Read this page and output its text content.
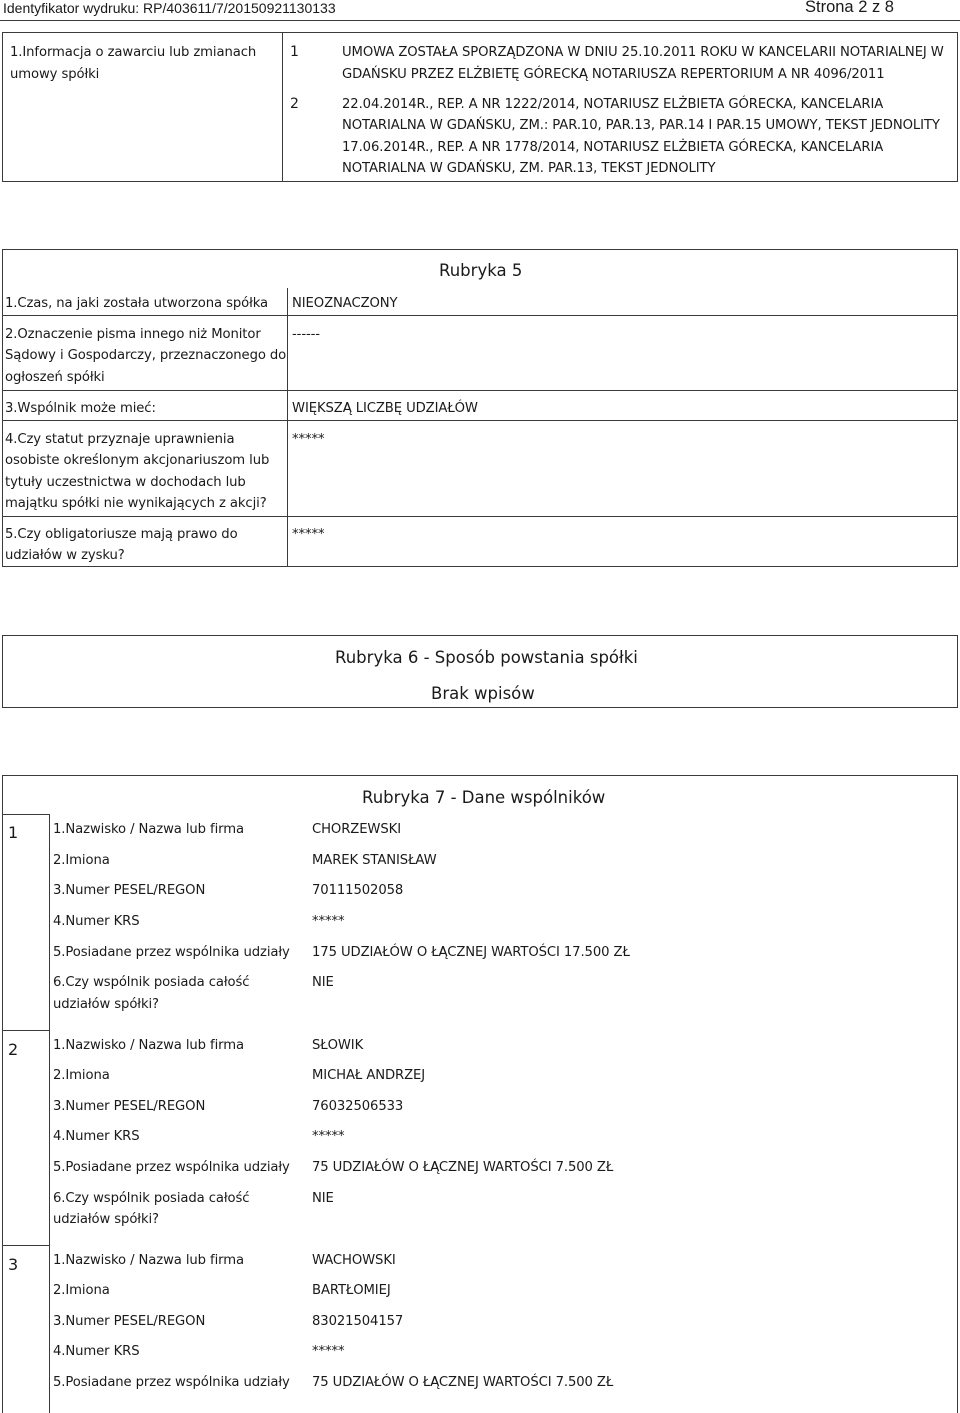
Identyfikator wydruku: RP/403611/7/20150921130133	Strona 2 z 8
1.Informacja o zawarciu lub zmianach
umowy spółki
1	UMOWA ZOSTAŁA SPORZĄDZONA W DNIU 25.10.2011 ROKU W KANCELARII NOTARIALNEJ W
GDAŃSKU PRZEZ ELŻBIETĘ GÓRECKĄ NOTARIUSZA REPERTORIUM A NR 4096/2011
2	22.04.2014R., REP. A NR 1222/2014, NOTARIUSZ ELŻBIETA GÓRECKA, KANCELARIA
NOTARIALNA W GDAŃSKU, ZM.: PAR.10, PAR.13, PAR.14 I PAR.15 UMOWY, TEKST JEDNOLITY
17.06.2014R., REP. A NR 1778/2014, NOTARIUSZ ELŻBIETA GÓRECKA, KANCELARIA
NOTARIALNA W GDAŃSKU, ZM. PAR.13, TEKST JEDNOLITY
Rubryka 5
1.Czas, na jaki została utworzona spółka NIEOZNACZONY
2.Oznaczenie pisma innego niż Monitor
Sądowy i Gospodarczy, przeznaczonego do
ogłoszeń spółki
------
3.Wspólnik może mieć:	WIĘKSZĄ LICZBĘ UDZIAŁÓW
4.Czy statut przyznaje uprawnienia
osobiste określonym akcjonariuszom lub
tytuły uczestnictwa w dochodach lub
majątku spółki nie wynikających z akcji?
*****
5.Czy obligatoriusze mają prawo do
udziałów w zysku?
*****
Rubryka 6 - Sposób powstania spółki
Brak wpisów
Rubryka 7 - Dane wspólników
1	1.Nazwisko / Nazwa lub firma	CHORZEWSKI
2.Imiona	MAREK STANISŁAW
3.Numer PESEL/REGON	70111502058
4.Numer KRS	*****
5.Posiadane przez wspólnika udziały 175 UDZIAŁÓW O ŁĄCZNEJ WARTOŚCI 17.500 ZŁ
6.Czy wspólnik posiada całość
udziałów spółki?
NIE
2	1.Nazwisko / Nazwa lub firma	SŁOWIK
2.Imiona	MICHAŁ ANDRZEJ
3.Numer PESEL/REGON	76032506533
4.Numer KRS	*****
5.Posiadane przez wspólnika udziały 75 UDZIAŁÓW O ŁĄCZNEJ WARTOŚCI 7.500 ZŁ
6.Czy wspólnik posiada całość
udziałów spółki?
NIE
3	1.Nazwisko / Nazwa lub firma	WACHOWSKI
2.Imiona	BARTŁOMIEJ
3.Numer PESEL/REGON	83021504157
4.Numer KRS	*****
5.Posiadane przez wspólnika udziały 75 UDZIAŁÓW O ŁĄCZNEJ WARTOŚCI 7.500 ZŁ
